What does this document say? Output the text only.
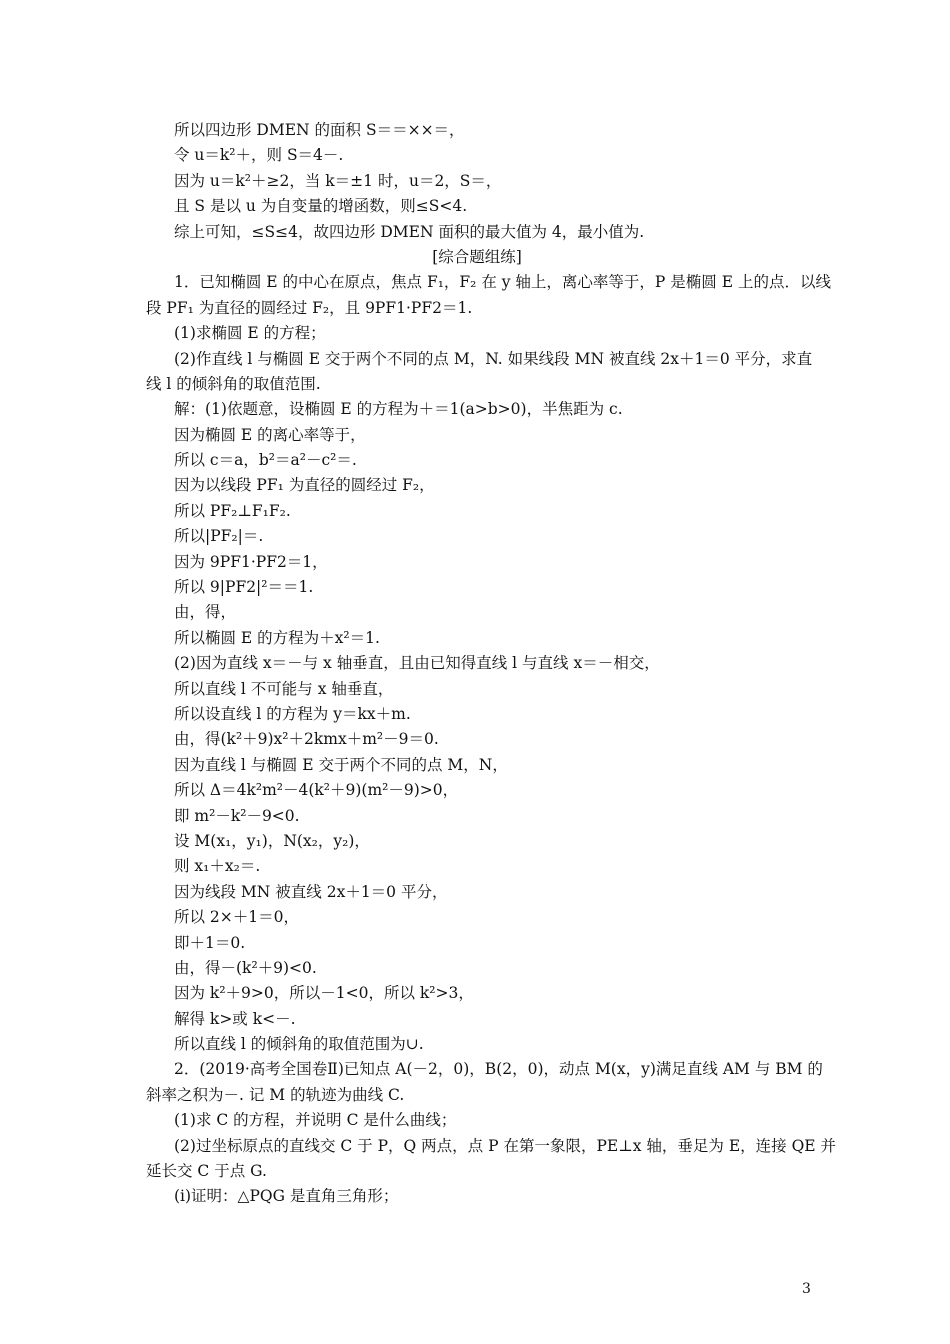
所以四边形 DMEN 的面积 S＝＝××＝，
令 u＝k²＋，则 S＝4－.
因为 u＝k²＋≥2，当 k＝±1 时，u＝2，S＝，
且 S 是以 u 为自变量的增函数，则≤S<4.
综上可知，≤S≤4，故四边形 DMEN 面积的最大值为 4，最小值为.
[综合题组练]
1．已知椭圆 E 的中心在原点，焦点 F₁，F₂ 在 y 轴上，离心率等于，P 是椭圆 E 上的点．以线
段 PF₁ 为直径的圆经过 F₂，且 9PF1·PF2＝1.
(1)求椭圆 E 的方程；
(2)作直线 l 与椭圆 E 交于两个不同的点 M，N. 如果线段 MN 被直线 2x＋1＝0 平分，求直
线 l 的倾斜角的取值范围.
解：(1)依题意，设椭圆 E 的方程为＋＝1(a>b>0)，半焦距为 c.
因为椭圆 E 的离心率等于，
所以 c＝a，b²＝a²－c²＝.
因为以线段 PF₁ 为直径的圆经过 F₂，
所以 PF₂⊥F₁F₂.
所以|PF₂|＝.
因为 9PF1·PF2＝1，
所以 9|PF2|²＝＝1.
由，得，
所以椭圆 E 的方程为＋x²＝1.
(2)因为直线 x＝－与 x 轴垂直，且由已知得直线 l 与直线 x＝－相交，
所以直线 l 不可能与 x 轴垂直，
所以设直线 l 的方程为 y＝kx＋m.
由，得(k²＋9)x²＋2kmx＋m²－9＝0.
因为直线 l 与椭圆 E 交于两个不同的点 M，N，
所以 Δ＝4k²m²－4(k²＋9)(m²－9)>0，
即 m²－k²－9<0.
设 M(x₁，y₁)，N(x₂，y₂)，
则 x₁＋x₂＝.
因为线段 MN 被直线 2x＋1＝0 平分，
所以 2×＋1＝0，
即＋1＝0.
由，得－(k²＋9)<0.
因为 k²＋9>0，所以－1<0，所以 k²>3，
解得 k>或 k<－.
所以直线 l 的倾斜角的取值范围为∪.
2．(2019·高考全国卷Ⅱ)已知点 A(－2，0)，B(2，0)，动点 M(x，y)满足直线 AM 与 BM 的
斜率之积为－. 记 M 的轨迹为曲线 C.
(1)求 C 的方程，并说明 C 是什么曲线；
(2)过坐标原点的直线交 C 于 P，Q 两点，点 P 在第一象限，PE⊥x 轴，垂足为 E，连接 QE 并
延长交 C 于点 G.
(ⅰ)证明：△PQG 是直角三角形；
3
